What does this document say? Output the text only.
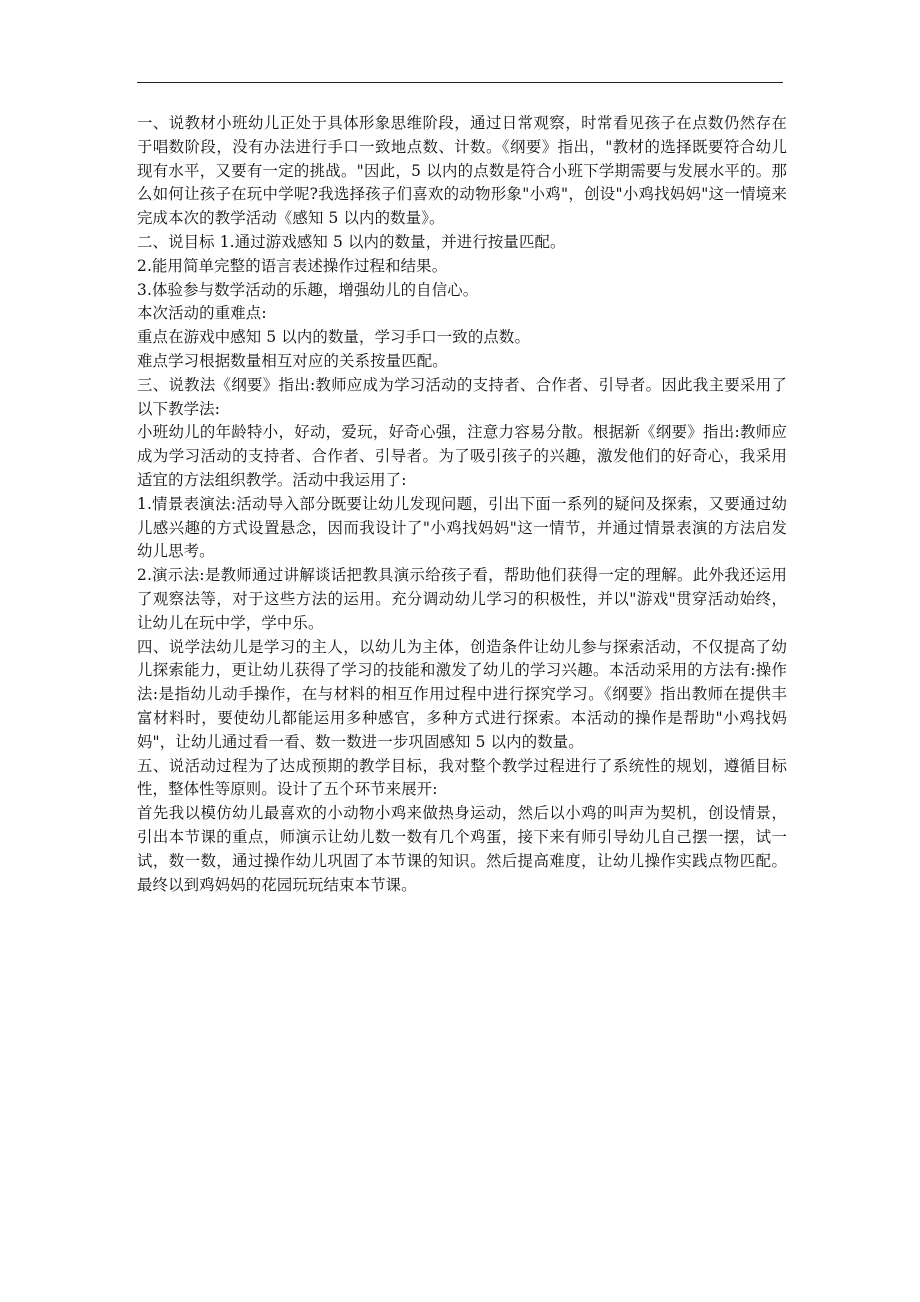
一、说教材小班幼儿正处于具体形象思维阶段，通过日常观察，时常看见孩子在点数仍然存在于唱数阶段，没有办法进行手口一致地点数、计数。《纲要》指出，"教材的选择既要符合幼儿现有水平，又要有一定的挑战。"因此，5 以内的点数是符合小班下学期需要与发展水平的。那么如何让孩子在玩中学呢?我选择孩子们喜欢的动物形象"小鸡"，创设"小鸡找妈妈"这一情境来完成本次的教学活动《感知 5 以内的数量》。

二、说目标 1.通过游戏感知 5 以内的数量，并进行按量匹配。

2.能用简单完整的语言表述操作过程和结果。

3.体验参与数学活动的乐趣，增强幼儿的自信心。

本次活动的重难点:

重点在游戏中感知 5 以内的数量，学习手口一致的点数。

难点学习根据数量相互对应的关系按量匹配。

三、说教法《纲要》指出:教师应成为学习活动的支持者、合作者、引导者。因此我主要采用了以下教学法:

小班幼儿的年龄特小，好动，爱玩，好奇心强，注意力容易分散。根据新《纲要》指出:教师应成为学习活动的支持者、合作者、引导者。为了吸引孩子的兴趣，激发他们的好奇心，我采用适宜的方法组织教学。活动中我运用了:

1.情景表演法:活动导入部分既要让幼儿发现问题，引出下面一系列的疑问及探索，又要通过幼儿感兴趣的方式设置悬念，因而我设计了"小鸡找妈妈"这一情节，并通过情景表演的方法启发幼儿思考。

2.演示法:是教师通过讲解谈话把教具演示给孩子看，帮助他们获得一定的理解。此外我还运用了观察法等，对于这些方法的运用。充分调动幼儿学习的积极性，并以"游戏"贯穿活动始终，让幼儿在玩中学，学中乐。

四、说学法幼儿是学习的主人，以幼儿为主体，创造条件让幼儿参与探索活动，不仅提高了幼儿探索能力，更让幼儿获得了学习的技能和激发了幼儿的学习兴趣。本活动采用的方法有:操作法:是指幼儿动手操作，在与材料的相互作用过程中进行探究学习。《纲要》指出教师在提供丰富材料时，要使幼儿都能运用多种感官，多种方式进行探索。本活动的操作是帮助"小鸡找妈妈"，让幼儿通过看一看、数一数进一步巩固感知 5 以内的数量。

五、说活动过程为了达成预期的教学目标，我对整个教学过程进行了系统性的规划，遵循目标性，整体性等原则。设计了五个环节来展开:

首先我以模仿幼儿最喜欢的小动物小鸡来做热身运动，然后以小鸡的叫声为契机，创设情景，引出本节课的重点，师演示让幼儿数一数有几个鸡蛋，接下来有师引导幼儿自己摆一摆，试一试，数一数，通过操作幼儿巩固了本节课的知识。然后提高难度，让幼儿操作实践点物匹配。最终以到鸡妈妈的花园玩玩结束本节课。
